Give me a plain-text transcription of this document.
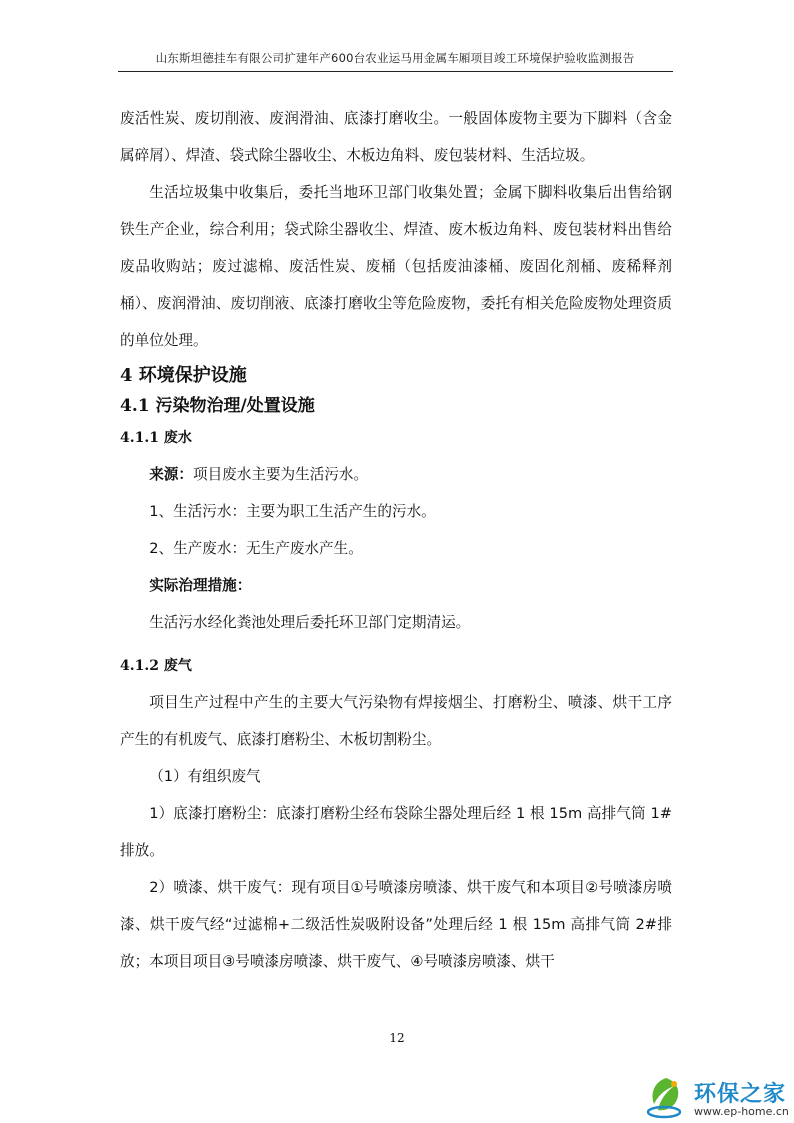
山东斯坦德挂车有限公司扩建年产600台农业运马用金属车厢项目竣工环境保护验收监测报告

废活性炭、废切削液、废润滑油、底漆打磨收尘。一般固体废物主要为下脚料（含金属碎屑）、焊渣、袋式除尘器收尘、木板边角料、废包装材料、生活垃圾。

生活垃圾集中收集后，委托当地环卫部门收集处置；金属下脚料收集后出售给钢铁生产企业，综合利用；袋式除尘器收尘、焊渣、废木板边角料、废包装材料出售给废品收购站；废过滤棉、废活性炭、废桶（包括废油漆桶、废固化剂桶、废稀释剂桶）、废润滑油、废切削液、底漆打磨收尘等危险废物，委托有相关危险废物处理资质的单位处理。

4 环境保护设施
4.1 污染物治理/处置设施
4.1.1 废水

来源：项目废水主要为生活污水。

1、生活污水：主要为职工生活产生的污水。

2、生产废水：无生产废水产生。

实际治理措施：

生活污水经化粪池处理后委托环卫部门定期清运。

4.1.2 废气

项目生产过程中产生的主要大气污染物有焊接烟尘、打磨粉尘、喷漆、烘干工序产生的有机废气、底漆打磨粉尘、木板切割粉尘。

（1）有组织废气

1）底漆打磨粉尘：底漆打磨粉尘经布袋除尘器处理后经 1 根 15m 高排气筒 1#排放。

2）喷漆、烘干废气：现有项目①号喷漆房喷漆、烘干废气和本项目②号喷漆房喷漆、烘干废气经“过滤棉+二级活性炭吸附设备”处理后经 1 根 15m 高排气筒 2#排放；本项目项目③号喷漆房喷漆、烘干废气、④号喷漆房喷漆、烘干

12
环保之家
www.ep-home.cn
